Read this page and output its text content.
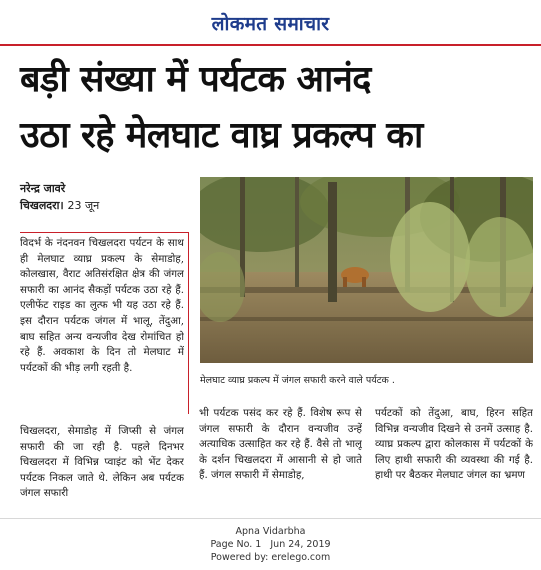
लोकमत समाचार
बड़ी संख्या में पर्यटक आनंद
उठा रहे मेलघाट वाघ्र प्रकल्प का
नरेन्द्र जावरे
चिखलदरा। 23 जून
मेलघाट व्याघ्र प्रकल्प में जंगल सफारी करने वाले पर्यटक .

विदर्भ के नंदनवन चिखलदरा पर्यटन के साथ ही मेलघाट व्याघ्र प्रकल्प के सेमाडोह, कोलखास, वैराट अतिसंरक्षित क्षेत्र की जंगल सफारी का आनंद सैकड़ों पर्यटक उठा रहे हैं. एलीफेंट राइड का लुत्फ भी यह उठा रहे हैं. इस दौरान पर्यटक जंगल में भालू, तेंदुआ, बाघ सहित अन्य वन्यजीव देख रोमांचित हो रहे हैं. अवकाश के दिन तो मेलघाट में पर्यटकों की भीड़ लगी रहती है.

चिखलदरा, सेमाडोह में जिप्सी से जंगल सफारी की जा रही है. पहले दिनभर चिखलदरा में विभिन्न प्वाइंट को भेंट देकर पर्यटक निकल जाते थे. लेकिन अब पर्यटक जंगल सफारी

भी पर्यटक पसंद कर रहे हैं. विशेष रूप से जंगल सफारी के दौरान वन्यजीव उन्हें अत्याधिक उत्साहित कर रहे हैं. वैसे तो भालू के दर्शन चिखलदरा में आसानी से हो जाते हैं. जंगल सफारी में सेमाडोह,

पर्यटकों को तेंदुआ, बाघ, हिरन सहित विभिन्न वन्यजीव दिखने से उनमें उत्साह है. व्याघ्र प्रकल्प द्वारा कोलकास में पर्यटकों के लिए हाथी सफारी की व्यवस्था की गई है. हाथी पर बैठकर मेलघाट जंगल का भ्रमण

Apna Vidarbha
Page No. 1 Jun 24, 2019
Powered by: erelego.com
